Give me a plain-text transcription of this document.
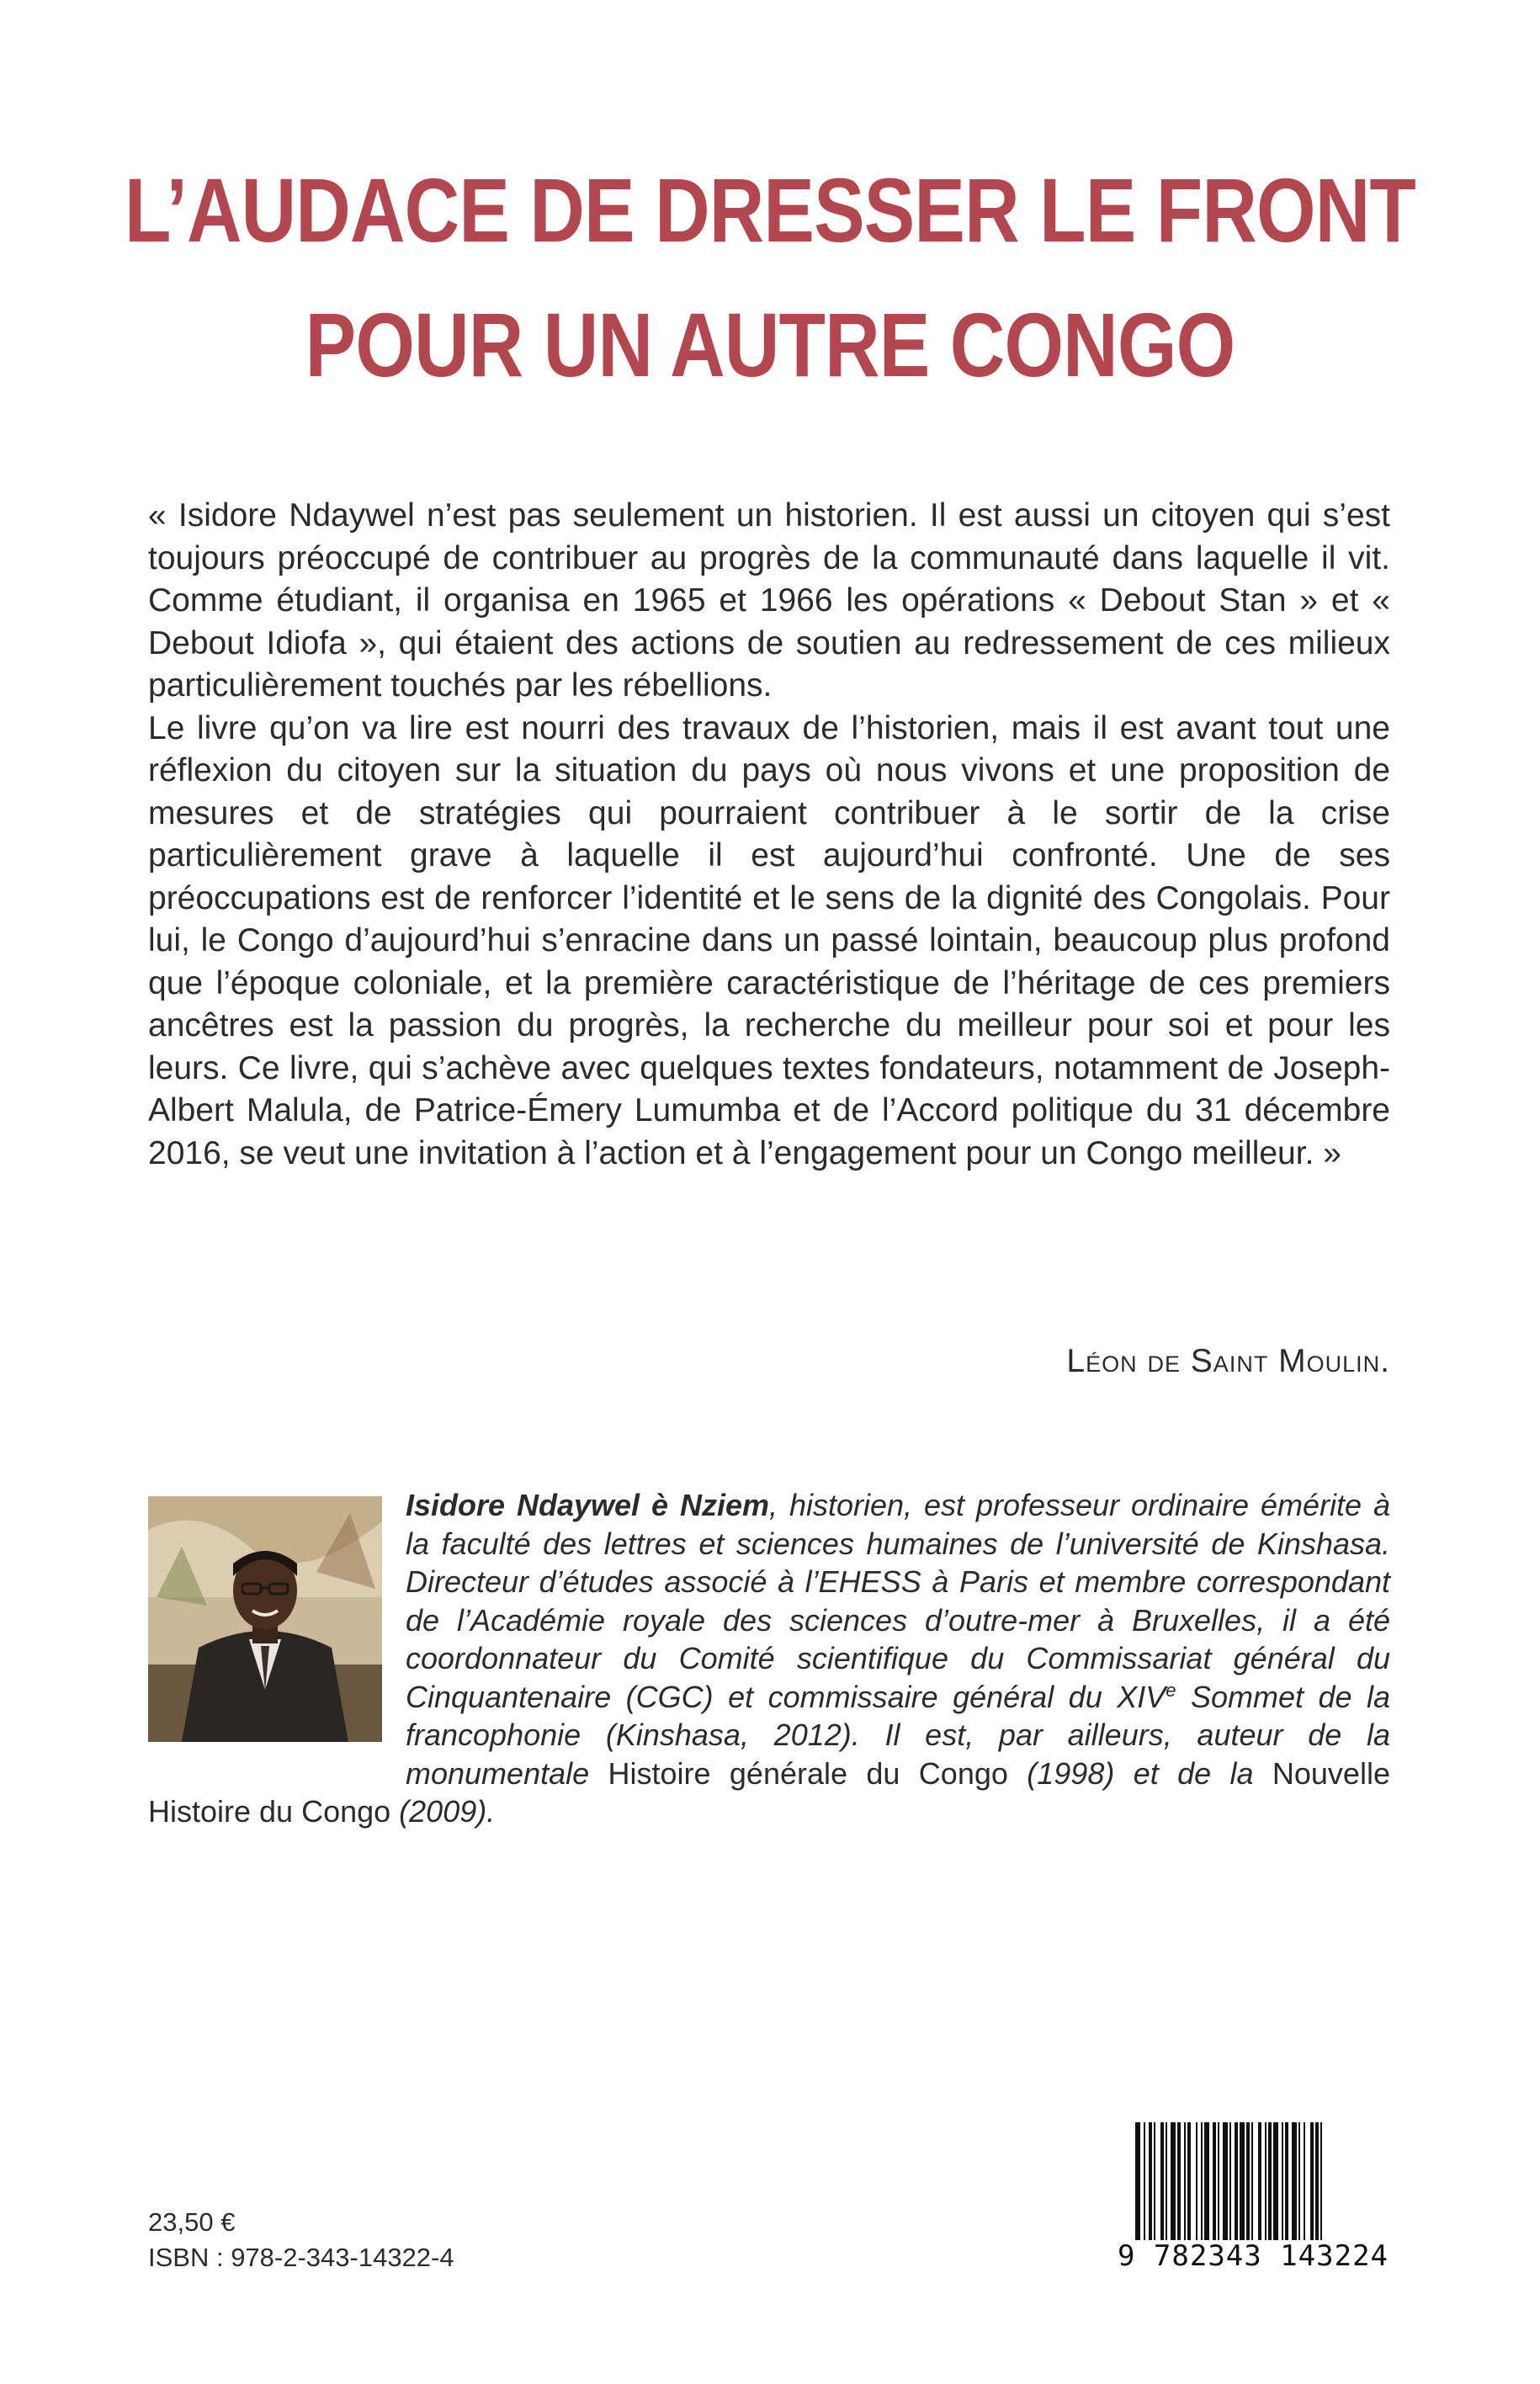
L’AUDACE DE DRESSER LE FRONT
POUR UN AUTRE CONGO

« Isidore Ndaywel n’est pas seulement un historien. Il est aussi un citoyen qui s’est toujours préoccupé de contribuer au progrès de la communauté dans laquelle il vit. Comme étudiant, il organisa en 1965 et 1966 les opérations « Debout Stan » et « Debout Idiofa », qui étaient des actions de soutien au redressement de ces milieux particulièrement touchés par les rébellions.

Le livre qu’on va lire est nourri des travaux de l’historien, mais il est avant tout une réflexion du citoyen sur la situation du pays où nous vivons et une proposition de mesures et de stratégies qui pourraient contribuer à le sortir de la crise particulièrement grave à laquelle il est aujourd’hui confronté. Une de ses préoccupations est de renforcer l’identité et le sens de la dignité des Congolais. Pour lui, le Congo d’aujourd’hui s’enracine dans un passé lointain, beaucoup plus profond que l’époque coloniale, et la première caractéristique de l’héritage de ces premiers ancêtres est la passion du progrès, la recherche du meilleur pour soi et pour les leurs. Ce livre, qui s’achève avec quelques textes fondateurs, notamment de Joseph-Albert Malula, de Patrice-Émery Lumumba et de l’Accord politique du 31 décembre 2016, se veut une invitation à l’action et à l’engagement pour un Congo meilleur. »

Léon de Saint Moulin.
Isidore Ndaywel è Nziem, historien, est professeur ordinaire émérite à la faculté des lettres et sciences humaines de l’université de Kinshasa. Directeur d’études associé à l’EHESS à Paris et membre correspondant de l’Académie royale des sciences d’outre-mer à Bruxelles, il a été coordonnateur du Comité scientifique du Commissariat général du Cinquantenaire (CGC) et commissaire général du XIVe Sommet de la francophonie (Kinshasa, 2012). Il est, par ailleurs, auteur de la monumentale Histoire générale du Congo (1998) et de la Nouvelle Histoire du Congo (2009).
23,50 €
ISBN : 978-2-343-14322-4	9 782343 143224
